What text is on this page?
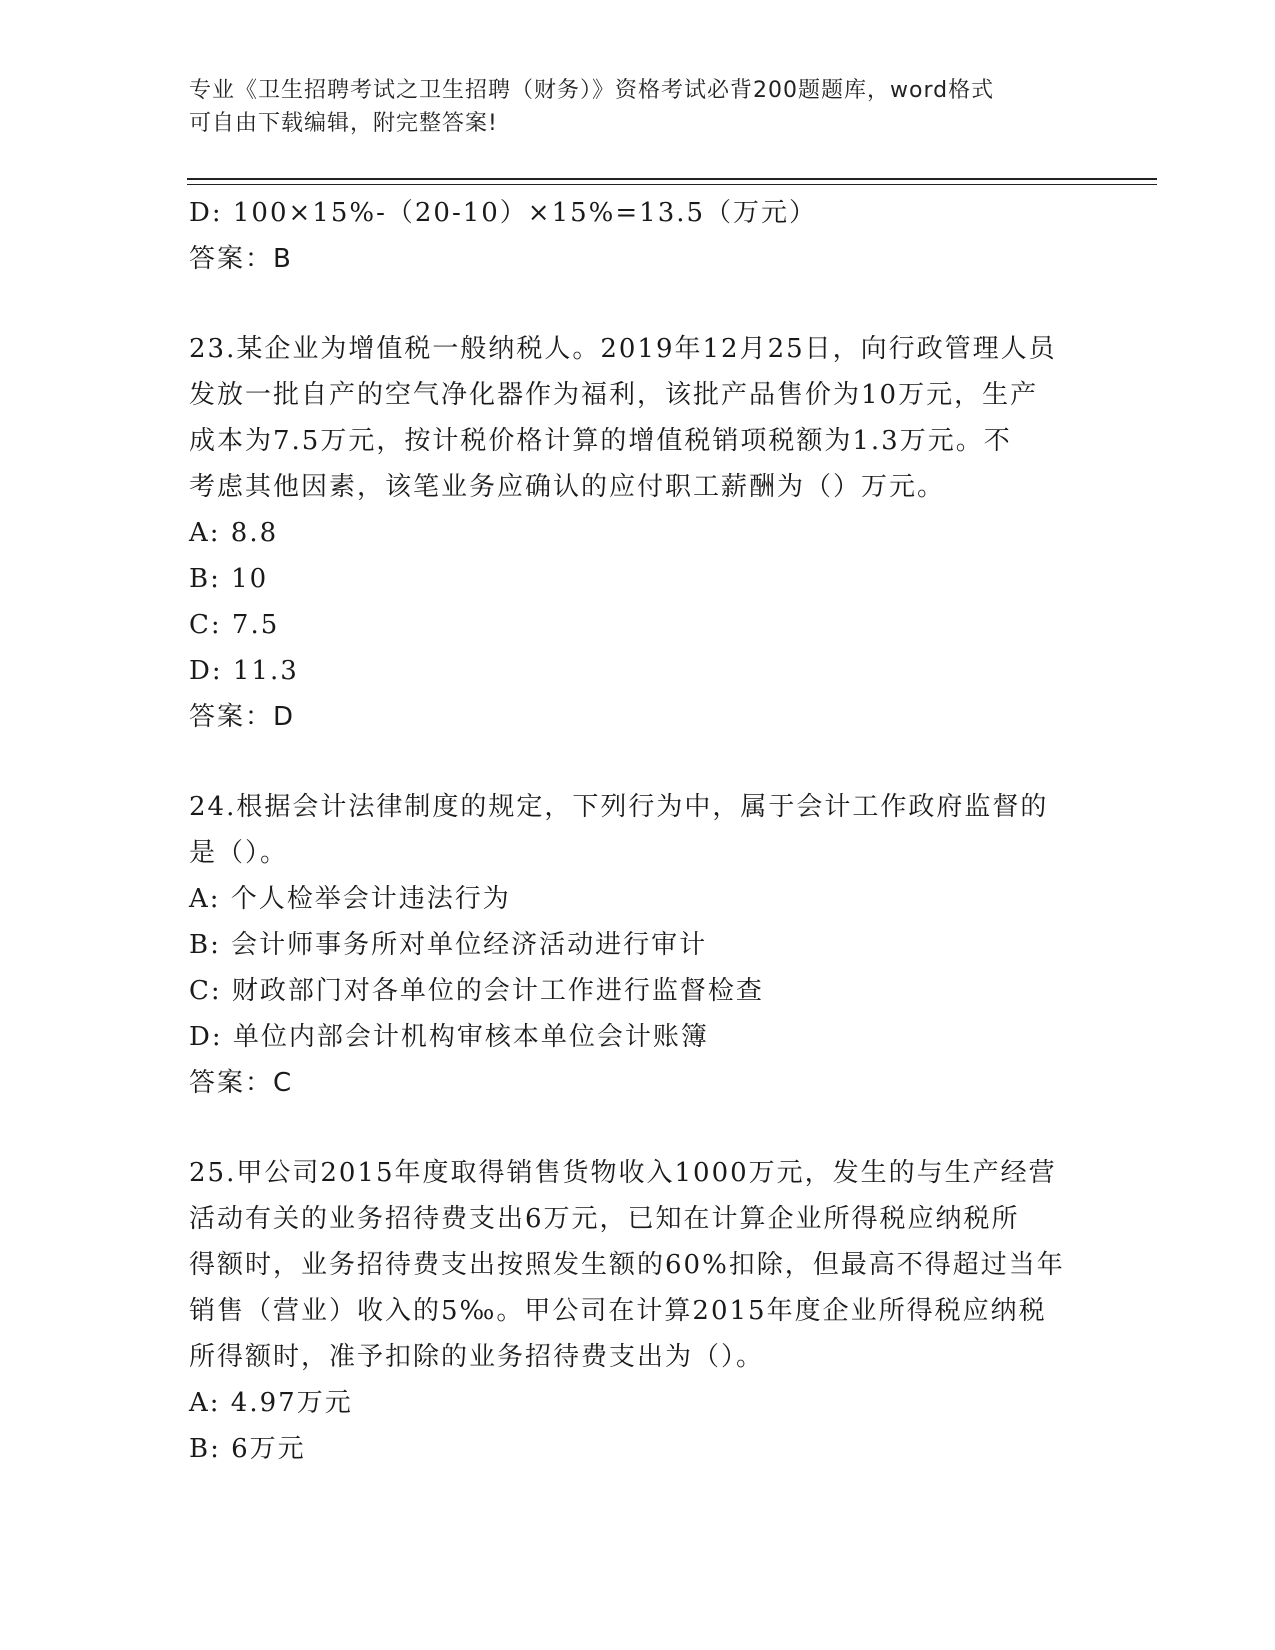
专业《卫生招聘考试之卫生招聘（财务）》资格考试必背200题题库，word格式
可自由下载编辑，附完整答案!
D: 100×15%-（20-10）×15%=13.5（万元）
答案：B
23.某企业为增值税一般纳税人。2019年12月25日，向行政管理人员
发放一批自产的空气净化器作为福利，该批产品售价为10万元，生产
成本为7.5万元，按计税价格计算的增值税销项税额为1.3万元。不
考虑其他因素，该笔业务应确认的应付职工薪酬为（）万元。
A: 8.8
B: 10
C: 7.5
D: 11.3
答案：D
24.根据会计法律制度的规定，下列行为中，属于会计工作政府监督的
是（）。
A: 个人检举会计违法行为
B: 会计师事务所对单位经济活动进行审计
C: 财政部门对各单位的会计工作进行监督检查
D: 单位内部会计机构审核本单位会计账簿
答案：C
25.甲公司2015年度取得销售货物收入1000万元，发生的与生产经营
活动有关的业务招待费支出6万元，已知在计算企业所得税应纳税所
得额时，业务招待费支出按照发生额的60%扣除，但最高不得超过当年
销售（营业）收入的5‰。甲公司在计算2015年度企业所得税应纳税
所得额时，准予扣除的业务招待费支出为（）。
A: 4.97万元
B: 6万元
